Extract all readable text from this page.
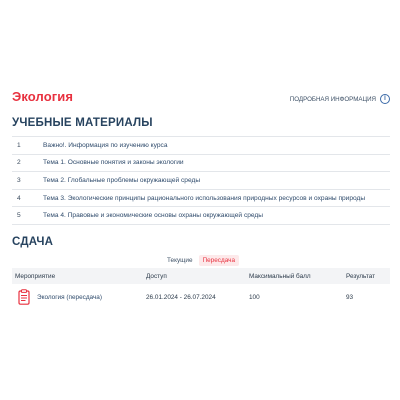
Экология	ПОДРОБНАЯ ИНФОРМАЦИЯ	I
УЧЕБНЫЕ МАТЕРИАЛЫ
1	Важно!. Информация по изучению курса
2	Тема 1. Основные понятия и законы экологии
3	Тема 2. Глобальные проблемы окружающей среды
4	Тема 3. Экологические принципы рационального использования природных ресурсов и охраны природы
5	Тема 4. Правовые и экономические основы охраны окружающей среды
СДАЧА
Текущие	Пересдача
Мероприятие	Доступ	Максимальный балл	Результат
Экология (пересдача)	26.01.2024 - 26.07.2024	100	93
